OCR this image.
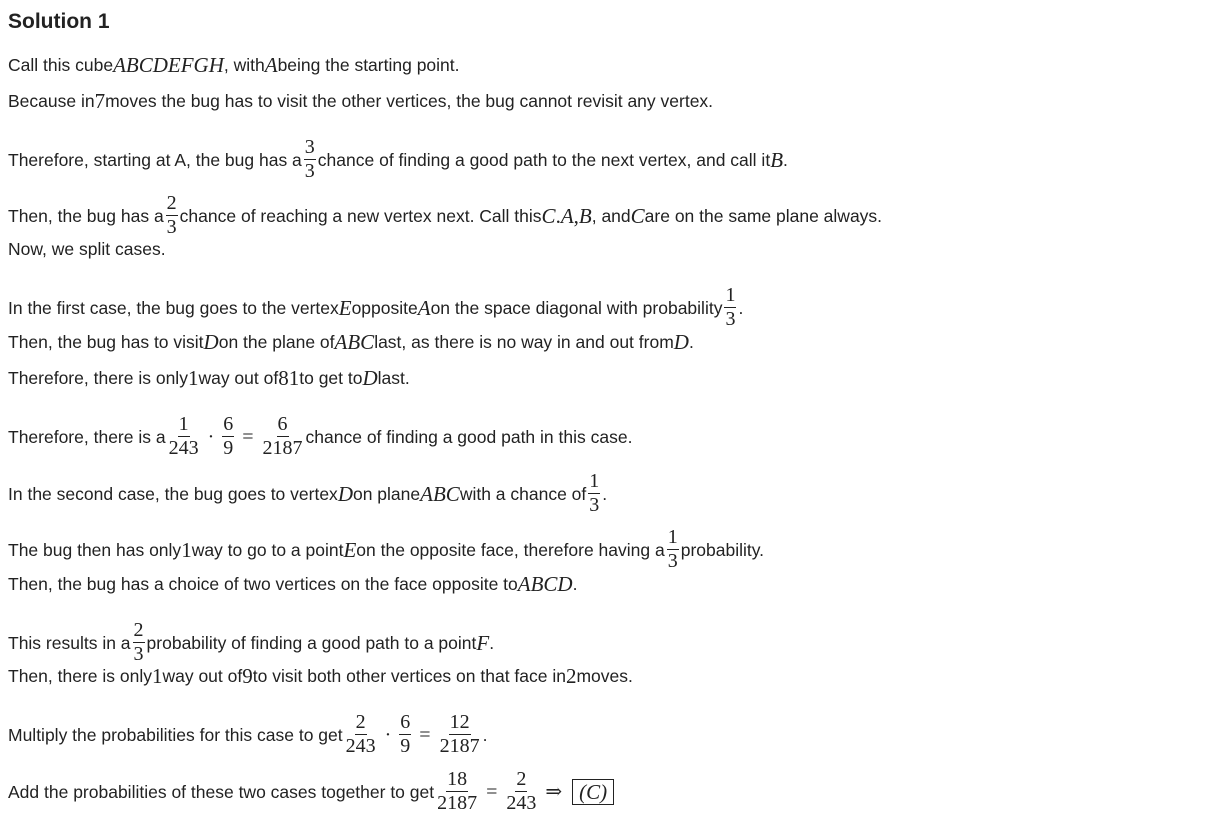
Solution 1
Call this cube ABCDEFGH , with A being the starting point.
Because in 7 moves the bug has to visit the other vertices, the bug cannot revisit any vertex.
Therefore, starting at A, the bug has a $\frac{3}{3}$ chance of finding a good path to the next vertex, and call it B .
Then, the bug has a $\frac{2}{3}$ chance of reaching a new vertex next. Call this C . A , B , and C are on the same plane always.
Now, we split cases.
In the first case, the bug goes to the vertex E opposite A on the space diagonal with probability $\frac{1}{3}$ .
Then, the bug has to visit D on the plane of ABC last, as there is no way in and out from D .
Therefore, there is only 1 way out of 81 to get to D last.
Therefore, there is a $\frac{1}{243} \cdot \frac{6}{9} = \frac{6}{2187}$ chance of finding a good path in this case.
In the second case, the bug goes to vertex D on plane ABC with a chance of $\frac{1}{3}$ .
The bug then has only 1 way to go to a point E on the opposite face, therefore having a $\frac{1}{3}$ probability.
Then, the bug has a choice of two vertices on the face opposite to ABCD .
This results in a $\frac{2}{3}$ probability of finding a good path to a point F .
Then, there is only 1 way out of 9 to visit both other vertices on that face in 2 moves.
Multiply the probabilities for this case to get $\frac{2}{243} \cdot \frac{6}{9} = \frac{12}{2187}$ .
Add the probabilities of these two cases together to get $\frac{18}{2187} = \frac{2}{243}$ ⇒ (C)
